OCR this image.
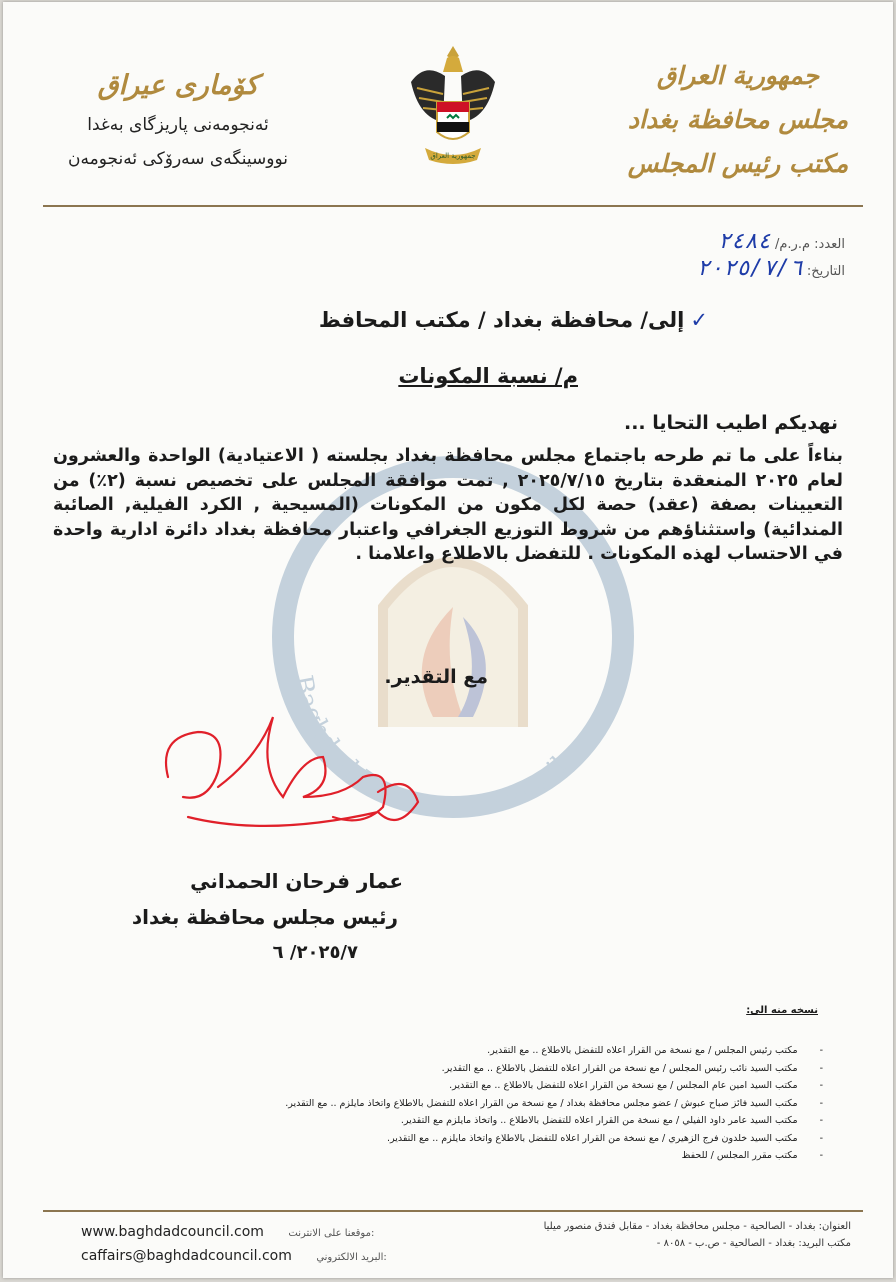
جمهورية العراق
مجلس محافظة بغداد
مكتب رئيس المجلس
جمهورية العراق
کۆماری عیراق
ئەنجومەنی پاریزگای بەغدا
نووسینگەی سەرۆکی ئەنجومەن
العدد: م.ر.م/ ٢٤٨٤
التاريخ: ٢٠٢٥/٧/٦
Baghdad Provincial council
✓إلى/ محافظة بغداد / مكتب المحافظ
م/ نسبة المكونات
نهديكم اطيب التحايا ...
بناءاً على ما تم طرحه باجتماع مجلس محافظة بغداد بجلسته ( الاعتيادية) الواحدة والعشرون لعام ٢٠٢٥ المنعقدة بتاريخ ٢٠٢٥/٧/١٥ , تمت موافقة المجلس على تخصيص نسبة (٢٪) من التعيينات بصفة (عقد) حصة لكل مكون من المكونات (المسيحية , الكرد الفيلية, الصائبة المندائية) واستثناؤهم من شروط التوزيع الجغرافي واعتبار محافظة بغداد دائرة ادارية واحدة في الاحتساب لهذه المكونات . للتفضل بالاطلاع واعلامنا .
مع التقدير.
عمار فرحان الحمداني
رئيس مجلس محافظة بغداد
٢٠٢٥/٧/ ٦
نسخه منه الى:
- مكتب رئيس المجلس / مع نسخة من القرار اعلاه للتفضل بالاطلاع .. مع التقدير.
- مكتب السيد نائب رئيس المجلس / مع نسخة من القرار اعلاه للتفضل بالاطلاع .. مع التقدير.
- مكتب السيد امين عام المجلس / مع نسخة من القرار اعلاه للتفضل بالاطلاع .. مع التقدير.
- مكتب السيد فائز صباح عبوش / عضو مجلس محافظة بغداد / مع نسخة من القرار اعلاه للتفضل بالاطلاع واتخاذ مايلزم .. مع التقدير.
- مكتب السيد عامر داود الفيلي / مع نسخة من القرار اعلاه للتفضل بالاطلاع .. واتخاذ مايلزم مع التقدير.
- مكتب السيد خلدون فرج الزهيري / مع نسخة من القرار اعلاه للتفضل بالاطلاع واتخاذ مايلزم .. مع التقدير.
- مكتب مقرر المجلس / للحفظ
العنوان: بغداد - الصالحية - مجلس محافظة بغداد - مقابل فندق منصور ميليا
مكتب البريد: بغداد - الصالحية - ص.ب - ٨٠٥٨ -
www.baghdadcouncil.com موقعنا على الانترنت:
caffairs@baghdadcouncil.com البريد الالكتروني:
